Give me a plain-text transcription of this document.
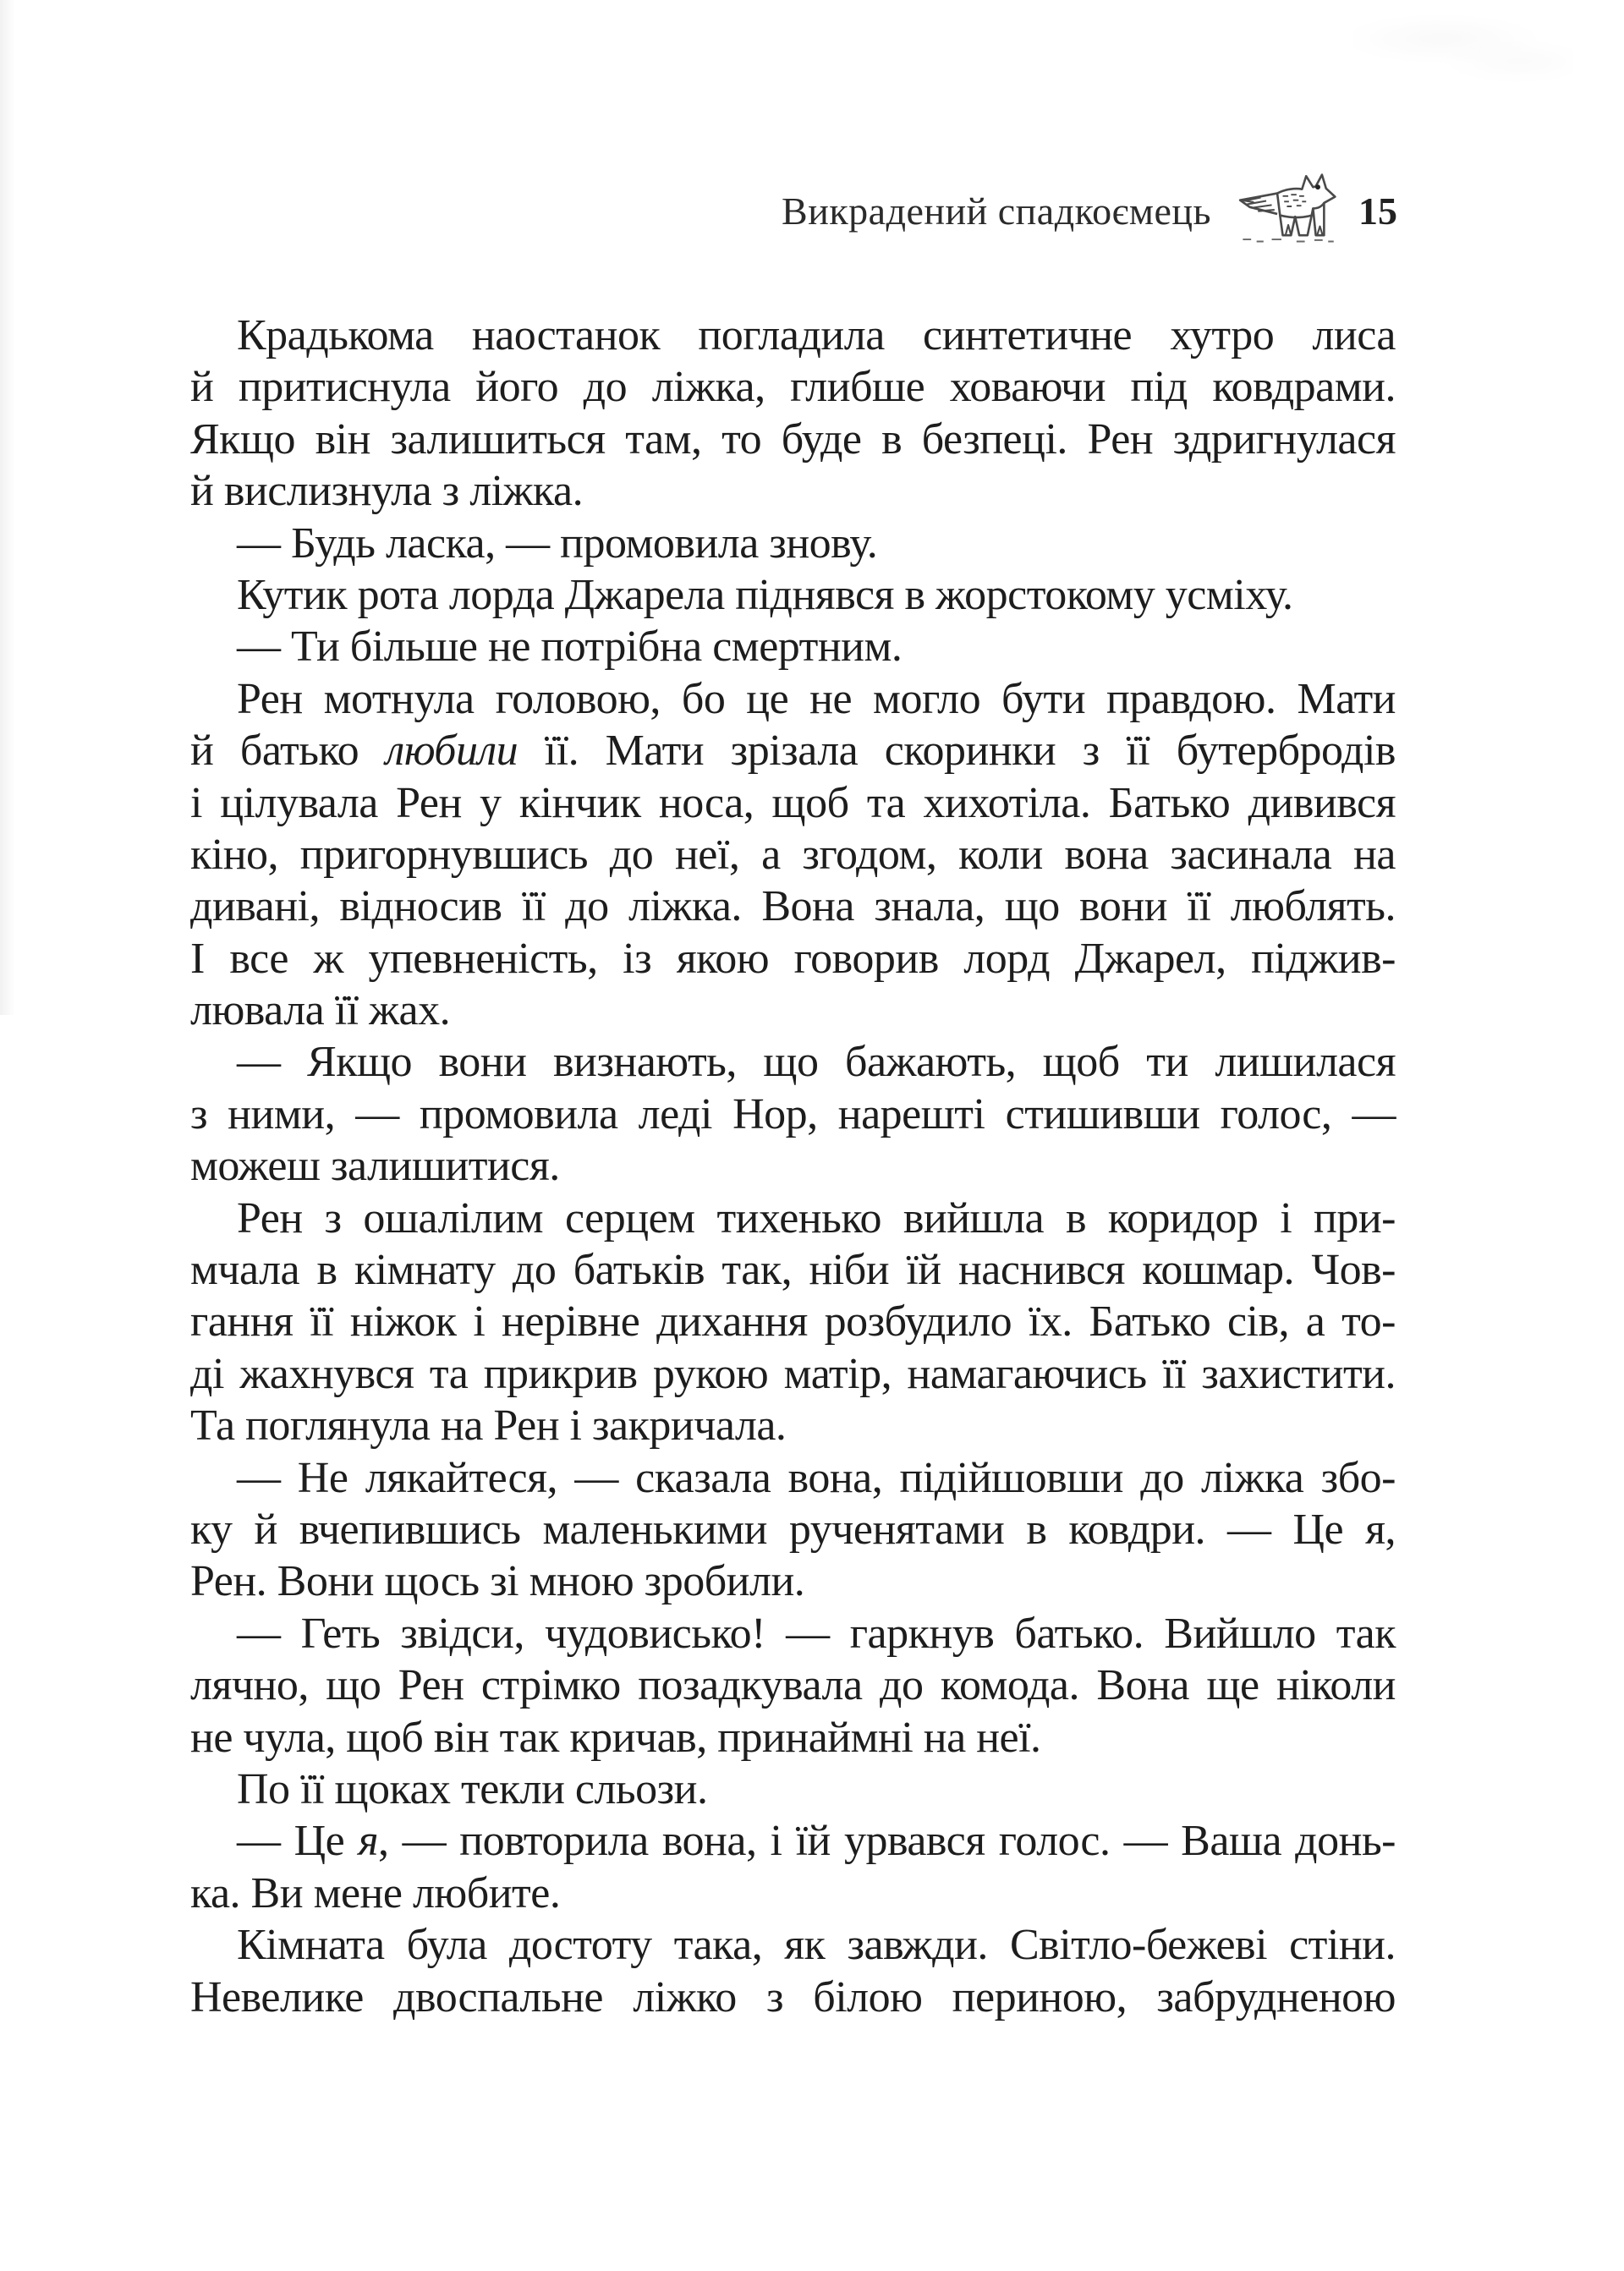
Викрадений спадкоємець	15
Крадькома наостанок погладила синтетичне хутро лиса
й притиснула його до ліжка, глибше ховаючи під ковдрами.
Якщо він залишиться там, то буде в безпеці. Рен здригнулася
й вислизнула з ліжка.
— Будь ласка, — промовила знову.
Кутик рота лорда Джарела піднявся в жорстокому усміху.
— Ти більше не потрібна смертним.
Рен мотнула головою, бо це не могло бути правдою. Мати
й батько любили її. Мати зрізала скоринки з її бутербродів
і цілувала Рен у кінчик носа, щоб та хихотіла. Батько дивився
кіно, пригорнувшись до неї, а згодом, коли вона засинала на
дивані, відносив її до ліжка. Вона знала, що вони її люблять.
І все ж упевненість, із якою говорив лорд Джарел, піджив-
лювала її жах.
— Якщо вони визнають, що бажають, щоб ти лишилася
з ними, — промовила леді Нор, нарешті стишивши голос, —
можеш залишитися.
Рен з ошалілим серцем тихенько вийшла в коридор і при-
мчала в кімнату до батьків так, ніби їй наснився кошмар. Чов-
гання її ніжок і нерівне дихання розбудило їх. Батько сів, а то-
ді жахнувся та прикрив рукою матір, намагаючись її захистити.
Та поглянула на Рен і закричала.
— Не лякайтеся, — сказала вона, підійшовши до ліжка збо-
ку й вчепившись маленькими рученятами в ковдри. — Це я,
Рен. Вони щось зі мною зробили.
— Геть звідси, чудовисько! — гаркнув батько. Вийшло так
лячно, що Рен стрімко позадкувала до комода. Вона ще ніколи
не чула, щоб він так кричав, принаймні на неї.
По її щоках текли сльози.
— Це я, — повторила вона, і їй урвався голос. — Ваша донь-
ка. Ви мене любите.
Кімната була достоту така, як завжди. Світло-бежеві стіни.
Невелике двоспальне ліжко з білою периною, забрудненою
